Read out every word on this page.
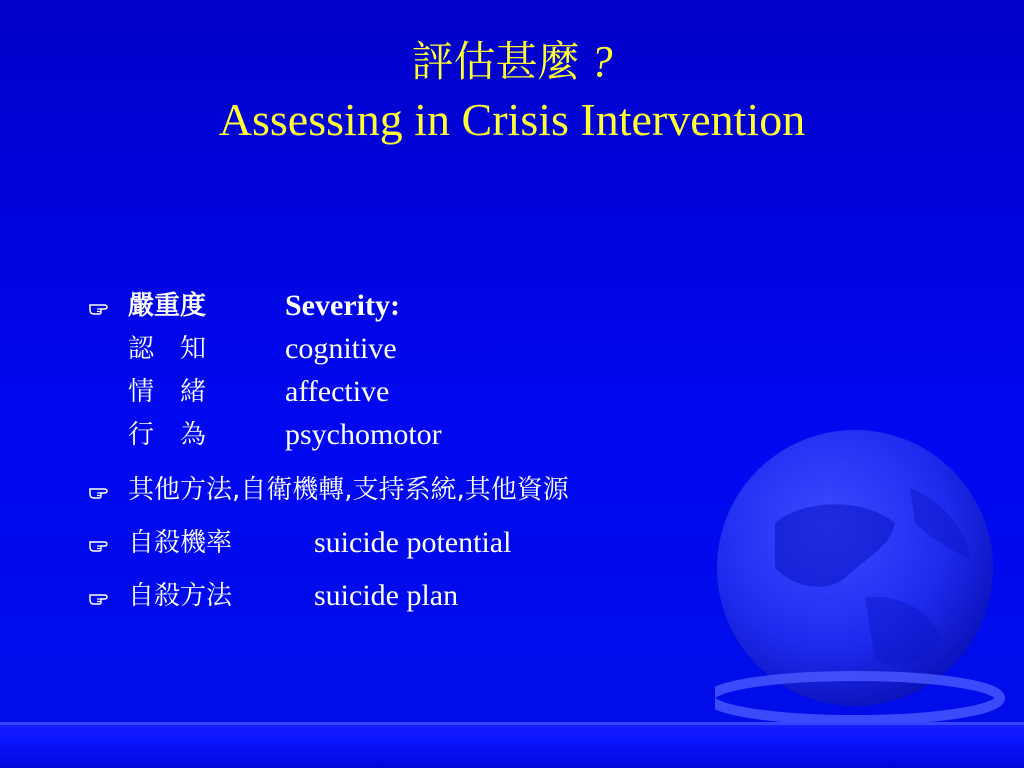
評估甚麼 ?
Assessing in Crisis Intervention
嚴重度	Severity:
認　知	cognitive
情　緒	affective
行　為	psychomotor
其他方法,自衛機轉,支持系統,其他資源
自殺機率	suicide potential
自殺方法	suicide plan
